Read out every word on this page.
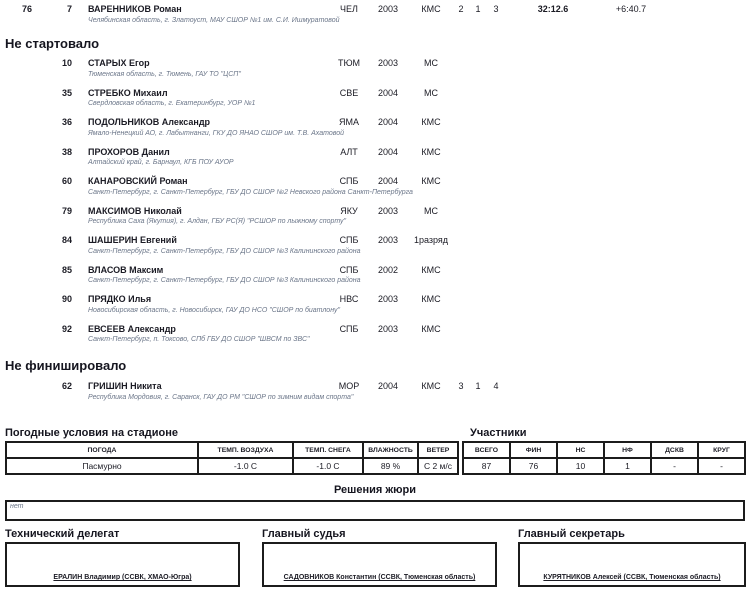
76	7 ВАРЕННИКОВ Роман	ЧЕЛ	2003	КМС	2	1	3	32:12.6	+6:40.7
Челябинская область, г. Златоуст, МАУ СШОР №1 им. С.И. Ишмуратовой
Не стартовало
10 СТАРЫХ Егор	ТЮМ	2003	МС
Тюменская область, г. Тюмень, ГАУ ТО "ЦСП"
35 СТРЕБКО Михаил	СВЕ	2004	МС
Свердловская область, г. Екатеринбург, УОР №1
36 ПОДОЛЬНИКОВ Александр	ЯМА	2004	КМС
Ямало-Ненецкий АО, г. Лабытнанги, ГКУ ДО ЯНАО СШОР им. Т.В. Ахатовой
38 ПРОХОРОВ Данил	АЛТ	2004	КМС
Алтайский край, г. Барнаул, КГБ ПОУ АУОР
60 КАНАРОВСКИЙ Роман	СПБ	2004	КМС
Санкт-Петербург, г. Санкт-Петербург, ГБУ ДО СШОР №2 Невского района Санкт-Петербурга
79 МАКСИМОВ Николай	ЯКУ	2003	МС
Республика Саха (Якутия), г. Алдан, ГБУ РС(Я) "РСШОР по лыжному спорту"
84 ШАШЕРИН Евгений	СПБ	2003	1разряд
Санкт-Петербург, г. Санкт-Петербург, ГБУ ДО СШОР №3 Калининского района
85 ВЛАСОВ Максим	СПБ	2002	КМС
Санкт-Петербург, г. Санкт-Петербург, ГБУ ДО СШОР №3 Калининского района
90 ПРЯДКО Илья	НВС	2003	КМС
Новосибирская область, г. Новосибирск, ГАУ ДО НСО "СШОР по биатлону"
92 ЕВСЕЕВ Александр	СПБ	2003	КМС
Санкт-Петербург, п. Токсово, СПб ГБУ ДО СШОР "ШВСМ по ЗВС"
Не финишировало
62 ГРИШИН Никита	МОР	2004	КМС	3	1	4
Республика Мордовия, г. Саранск, ГАУ ДО РМ "СШОР по зимним видам спорта"
Погодные условия на стадионе
ПОГОДА	ТЕМП. ВОЗДУХА	ТЕМП. СНЕГА	ВЛАЖНОСТЬ	ВЕТЕР
Пасмурно	-1.0 C	-1.0 C	89 %	С 2 м/с
Участники
ВСЕГО	ФИН	НС	НФ	ДСКВ	КРУГ
87	76	10	1	-	-
Решения жюри
нет
Технический делегат
ЕРАЛИН Владимир (ССВК, ХМАО-Югра)
Главный судья
САДОВНИКОВ Константин (ССВК, Тюменская область)
Главный секретарь
КУРЯТНИКОВ Алексей (ССВК, Тюменская область)
